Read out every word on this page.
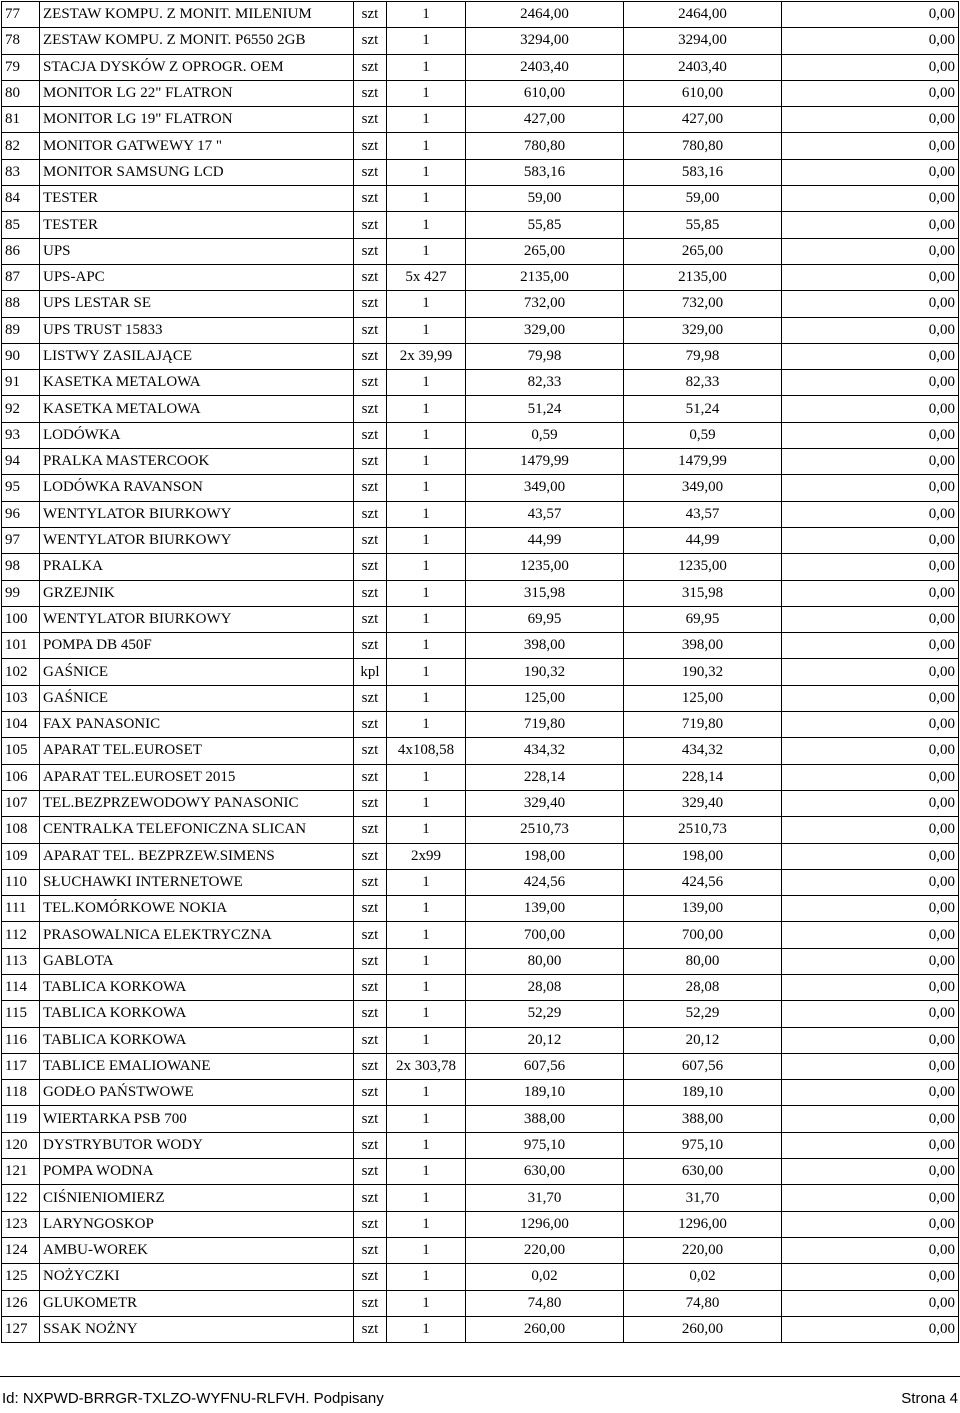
77	ZESTAW KOMPU. Z MONIT. MILENIUM	szt	1	2464,00	2464,00	0,00
78	ZESTAW KOMPU. Z MONIT. P6550 2GB	szt	1	3294,00	3294,00	0,00
79	STACJA DYSKÓW Z OPROGR. OEM	szt	1	2403,40	2403,40	0,00
80	MONITOR LG 22" FLATRON	szt	1	610,00	610,00	0,00
81	MONITOR LG 19" FLATRON	szt	1	427,00	427,00	0,00
82	MONITOR GATWEWY 17 "	szt	1	780,80	780,80	0,00
83	MONITOR SAMSUNG LCD	szt	1	583,16	583,16	0,00
84	TESTER	szt	1	59,00	59,00	0,00
85	TESTER	szt	1	55,85	55,85	0,00
86	UPS	szt	1	265,00	265,00	0,00
87	UPS-APC	szt	5x 427	2135,00	2135,00	0,00
88	UPS LESTAR SE	szt	1	732,00	732,00	0,00
89	UPS TRUST 15833	szt	1	329,00	329,00	0,00
90	LISTWY ZASILAJĄCE	szt	2x 39,99	79,98	79,98	0,00
91	KASETKA METALOWA	szt	1	82,33	82,33	0,00
92	KASETKA METALOWA	szt	1	51,24	51,24	0,00
93	LODÓWKA	szt	1	0,59	0,59	0,00
94	PRALKA MASTERCOOK	szt	1	1479,99	1479,99	0,00
95	LODÓWKA RAVANSON	szt	1	349,00	349,00	0,00
96	WENTYLATOR BIURKOWY	szt	1	43,57	43,57	0,00
97	WENTYLATOR BIURKOWY	szt	1	44,99	44,99	0,00
98	PRALKA	szt	1	1235,00	1235,00	0,00
99	GRZEJNIK	szt	1	315,98	315,98	0,00
100	WENTYLATOR BIURKOWY	szt	1	69,95	69,95	0,00
101	POMPA DB 450F	szt	1	398,00	398,00	0,00
102	GAŚNICE	kpl	1	190,32	190,32	0,00
103	GAŚNICE	szt	1	125,00	125,00	0,00
104	FAX PANASONIC	szt	1	719,80	719,80	0,00
105	APARAT TEL.EUROSET	szt	4x108,58	434,32	434,32	0,00
106	APARAT TEL.EUROSET 2015	szt	1	228,14	228,14	0,00
107	TEL.BEZPRZEWODOWY PANASONIC	szt	1	329,40	329,40	0,00
108	CENTRALKA TELEFONICZNA SLICAN	szt	1	2510,73	2510,73	0,00
109	APARAT TEL. BEZPRZEW.SIMENS	szt	2x99	198,00	198,00	0,00
110	SŁUCHAWKI INTERNETOWE	szt	1	424,56	424,56	0,00
111	TEL.KOMÓRKOWE NOKIA	szt	1	139,00	139,00	0,00
112	PRASOWALNICA ELEKTRYCZNA	szt	1	700,00	700,00	0,00
113	GABLOTA	szt	1	80,00	80,00	0,00
114	TABLICA KORKOWA	szt	1	28,08	28,08	0,00
115	TABLICA KORKOWA	szt	1	52,29	52,29	0,00
116	TABLICA KORKOWA	szt	1	20,12	20,12	0,00
117	TABLICE EMALIOWANE	szt	2x 303,78	607,56	607,56	0,00
118	GODŁO PAŃSTWOWE	szt	1	189,10	189,10	0,00
119	WIERTARKA PSB 700	szt	1	388,00	388,00	0,00
120	DYSTRYBUTOR WODY	szt	1	975,10	975,10	0,00
121	POMPA WODNA	szt	1	630,00	630,00	0,00
122	CIŚNIENIOMIERZ	szt	1	31,70	31,70	0,00
123	LARYNGOSKOP	szt	1	1296,00	1296,00	0,00
124	AMBU-WOREK	szt	1	220,00	220,00	0,00
125	NOŻYCZKI	szt	1	0,02	0,02	0,00
126	GLUKOMETR	szt	1	74,80	74,80	0,00
127	SSAK NOŻNY	szt	1	260,00	260,00	0,00
Id: NXPWD-BRRGR-TXLZO-WYFNU-RLFVH. Podpisany	Strona 4
